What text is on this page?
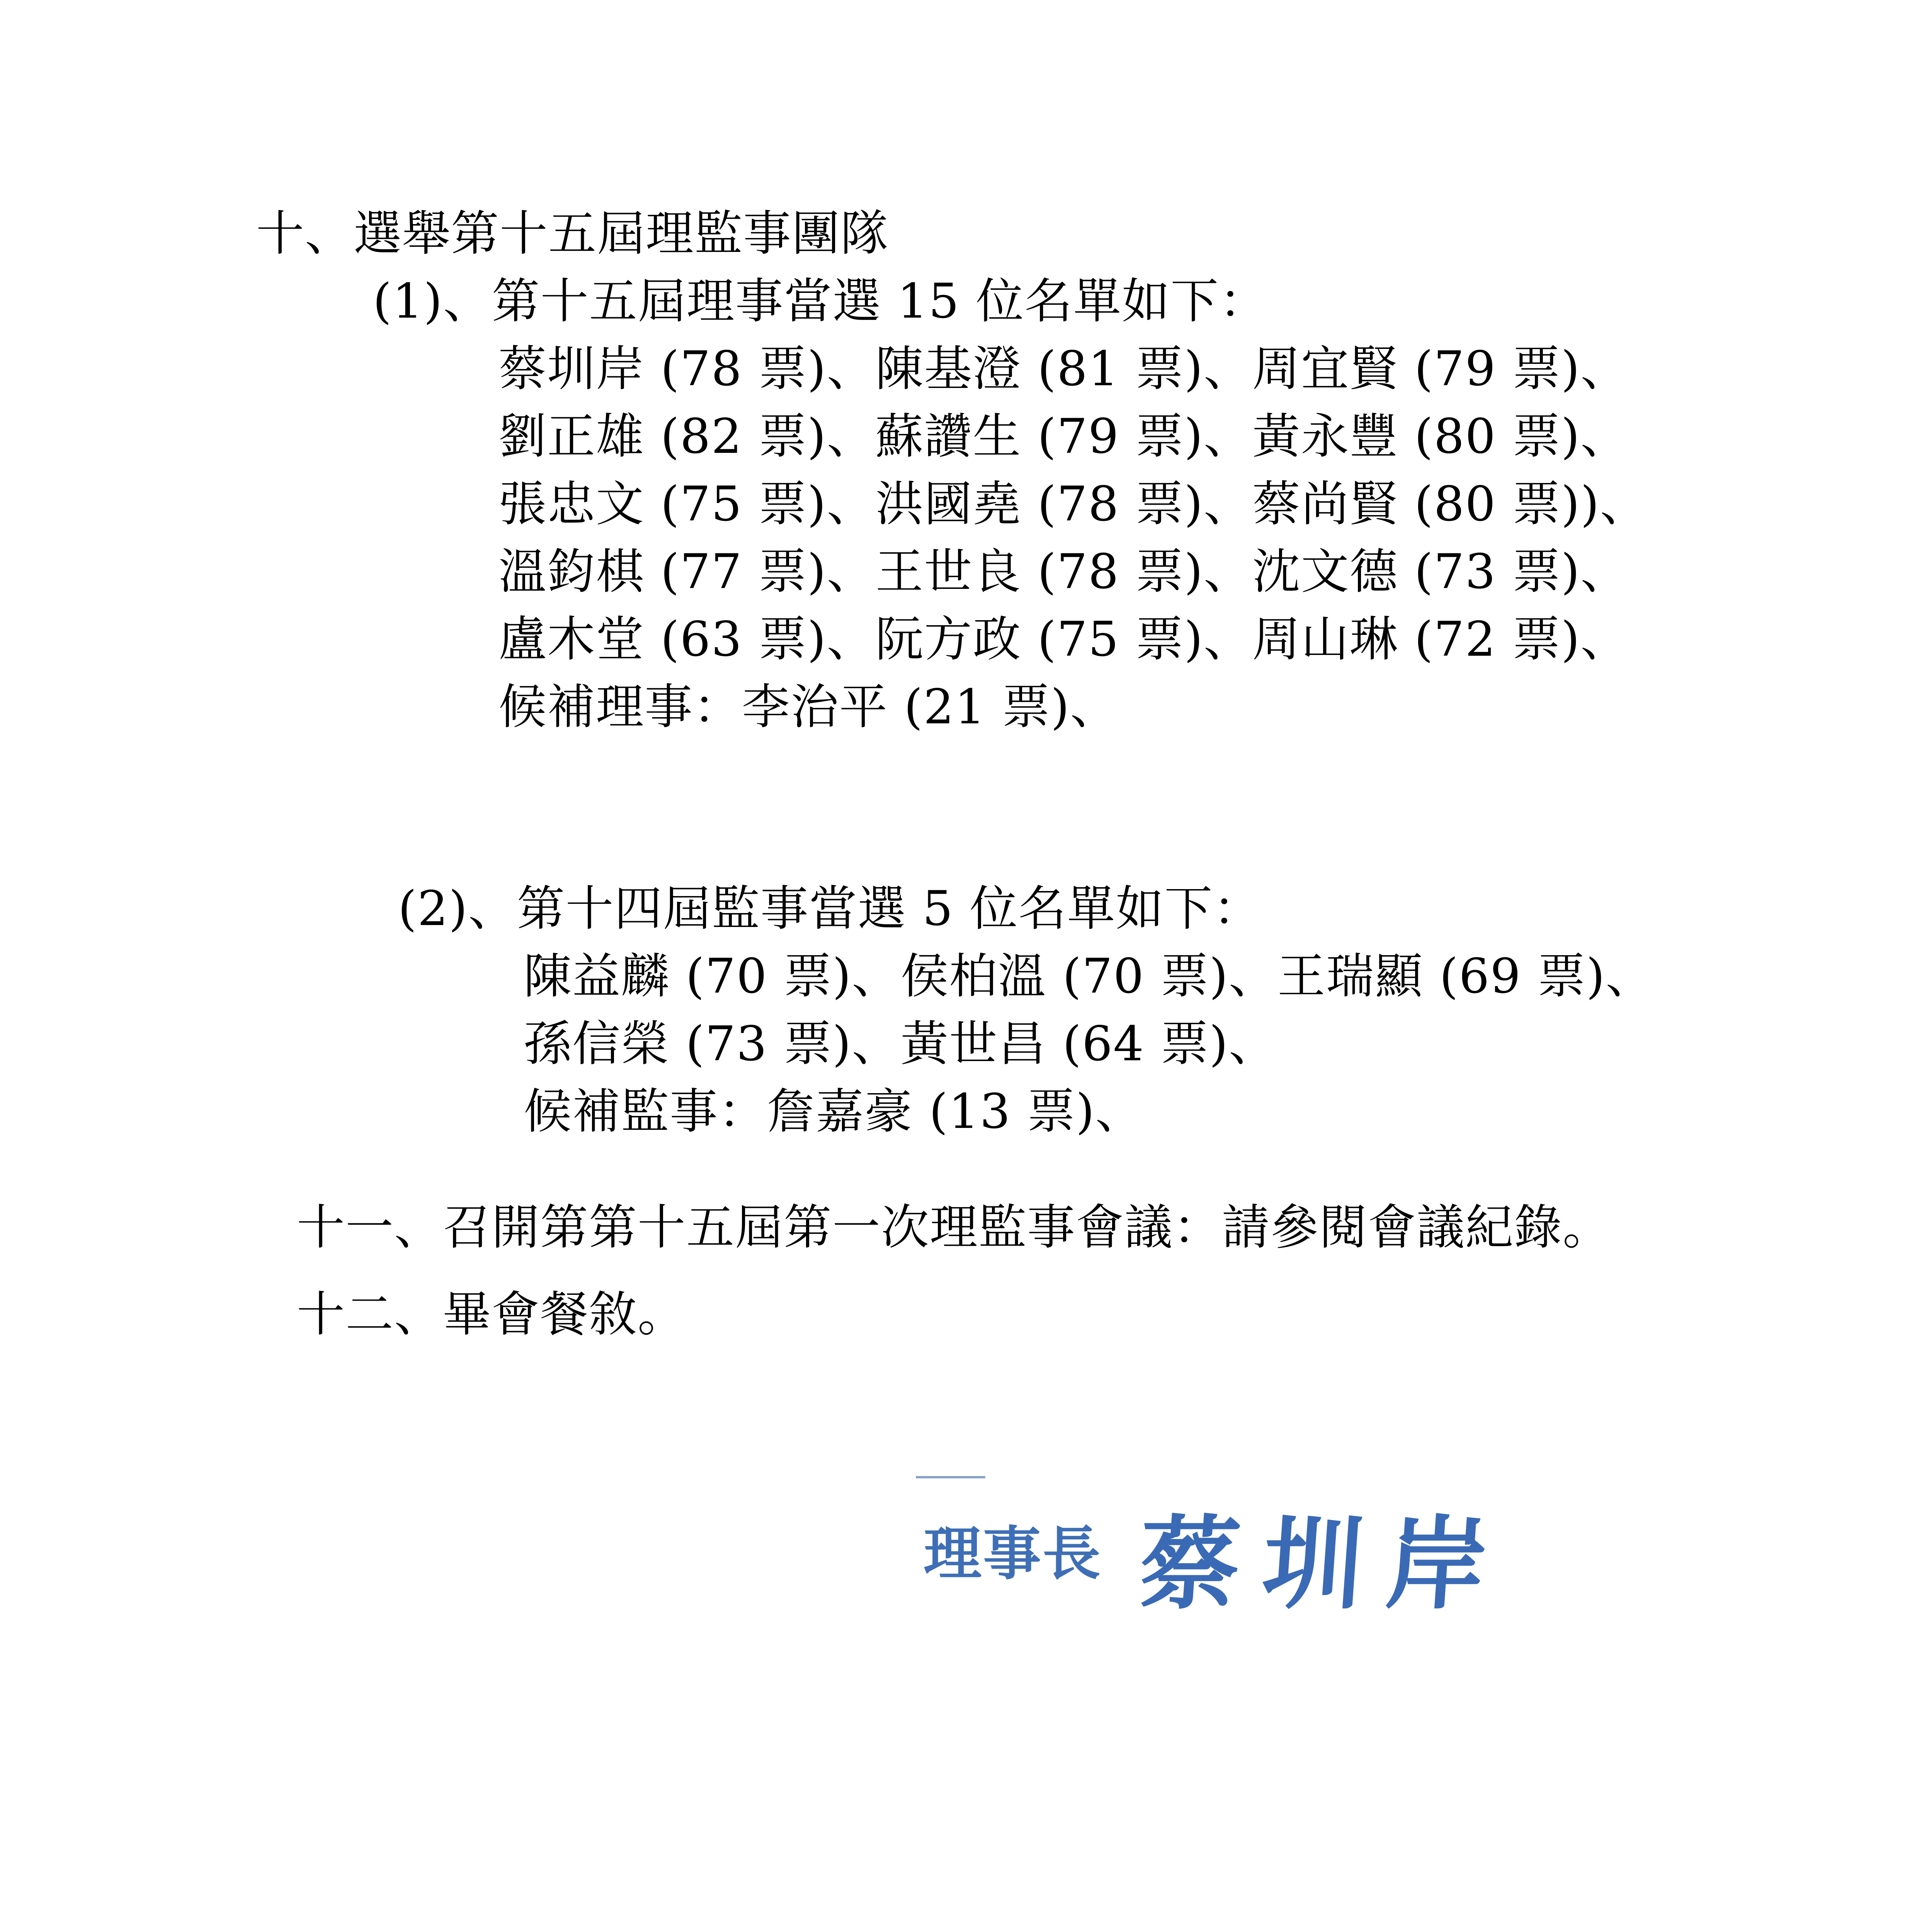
十、選舉第十五屆理監事團隊
(1)、第十五屆理事當選 15 位名單如下：
蔡圳岸 (78 票)、陳基澄 (81 票)、周宜賢 (79 票)、
劉正雄 (82 票)、蘇讚生 (79 票)、黃永豐 (80 票)、
張忠文 (75 票)、洪國堯 (78 票)、蔡尚賢 (80 票))、
溫鈞棋 (77 票)、王世良 (78 票)、沈文德 (73 票)、
盧木堂 (63 票)、阮方政 (75 票)、周山琳 (72 票)、
候補理事：李治平 (21 票)、
(2)、第十四屆監事當選 5 位名單如下：
陳益麟 (70 票)、侯柏溫 (70 票)、王瑞顯 (69 票)、
孫信榮 (73 票)、黃世昌 (64 票)、
候補監事：詹嘉豪 (13 票)、
十一、召開第第十五屆第一次理監事會議：請參閱會議紀錄。
十二、畢會餐敘。
理事長 蔡圳岸
